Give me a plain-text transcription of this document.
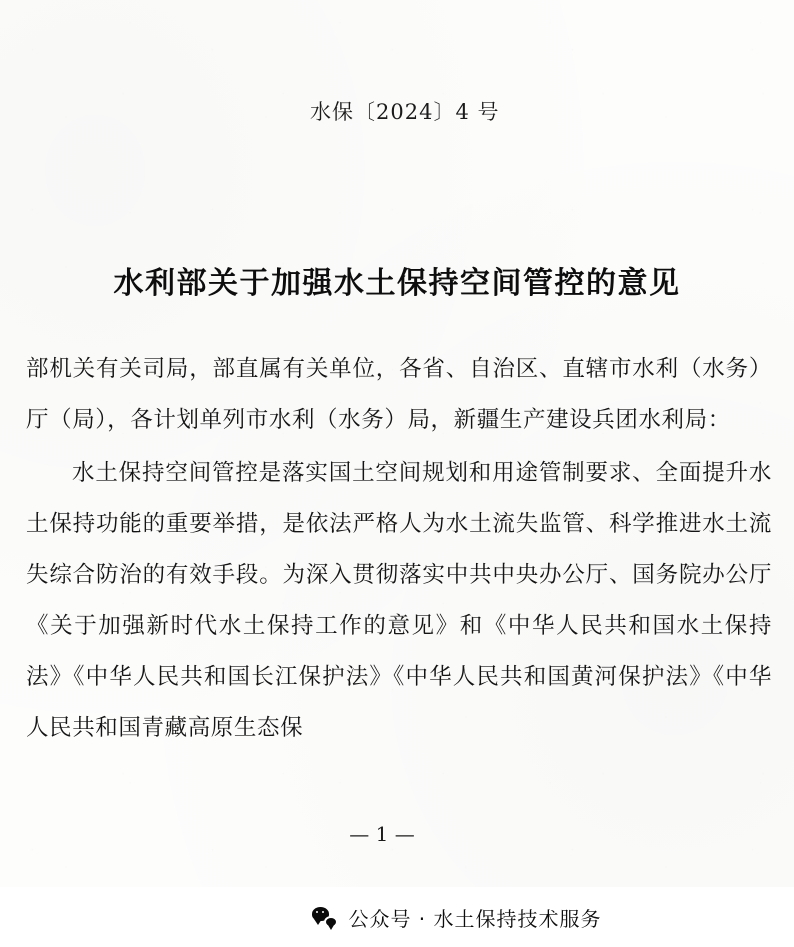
水保〔2024〕4 号
水利部关于加强水土保持空间管控的意见

部机关有关司局，部直属有关单位，各省、自治区、直辖市水利（水务）厅（局），各计划单列市水利（水务）局，新疆生产建设兵团水利局：

水土保持空间管控是落实国土空间规划和用途管制要求、全面提升水土保持功能的重要举措，是依法严格人为水土流失监管、科学推进水土流失综合防治的有效手段。为深入贯彻落实中共中央办公厅、国务院办公厅《关于加强新时代水土保持工作的意见》和《中华人民共和国水土保持法》《中华人民共和国长江保护法》《中华人民共和国黄河保护法》《中华人民共和国青藏高原生态保

— 1 —
公众号 · 水土保持技术服务
